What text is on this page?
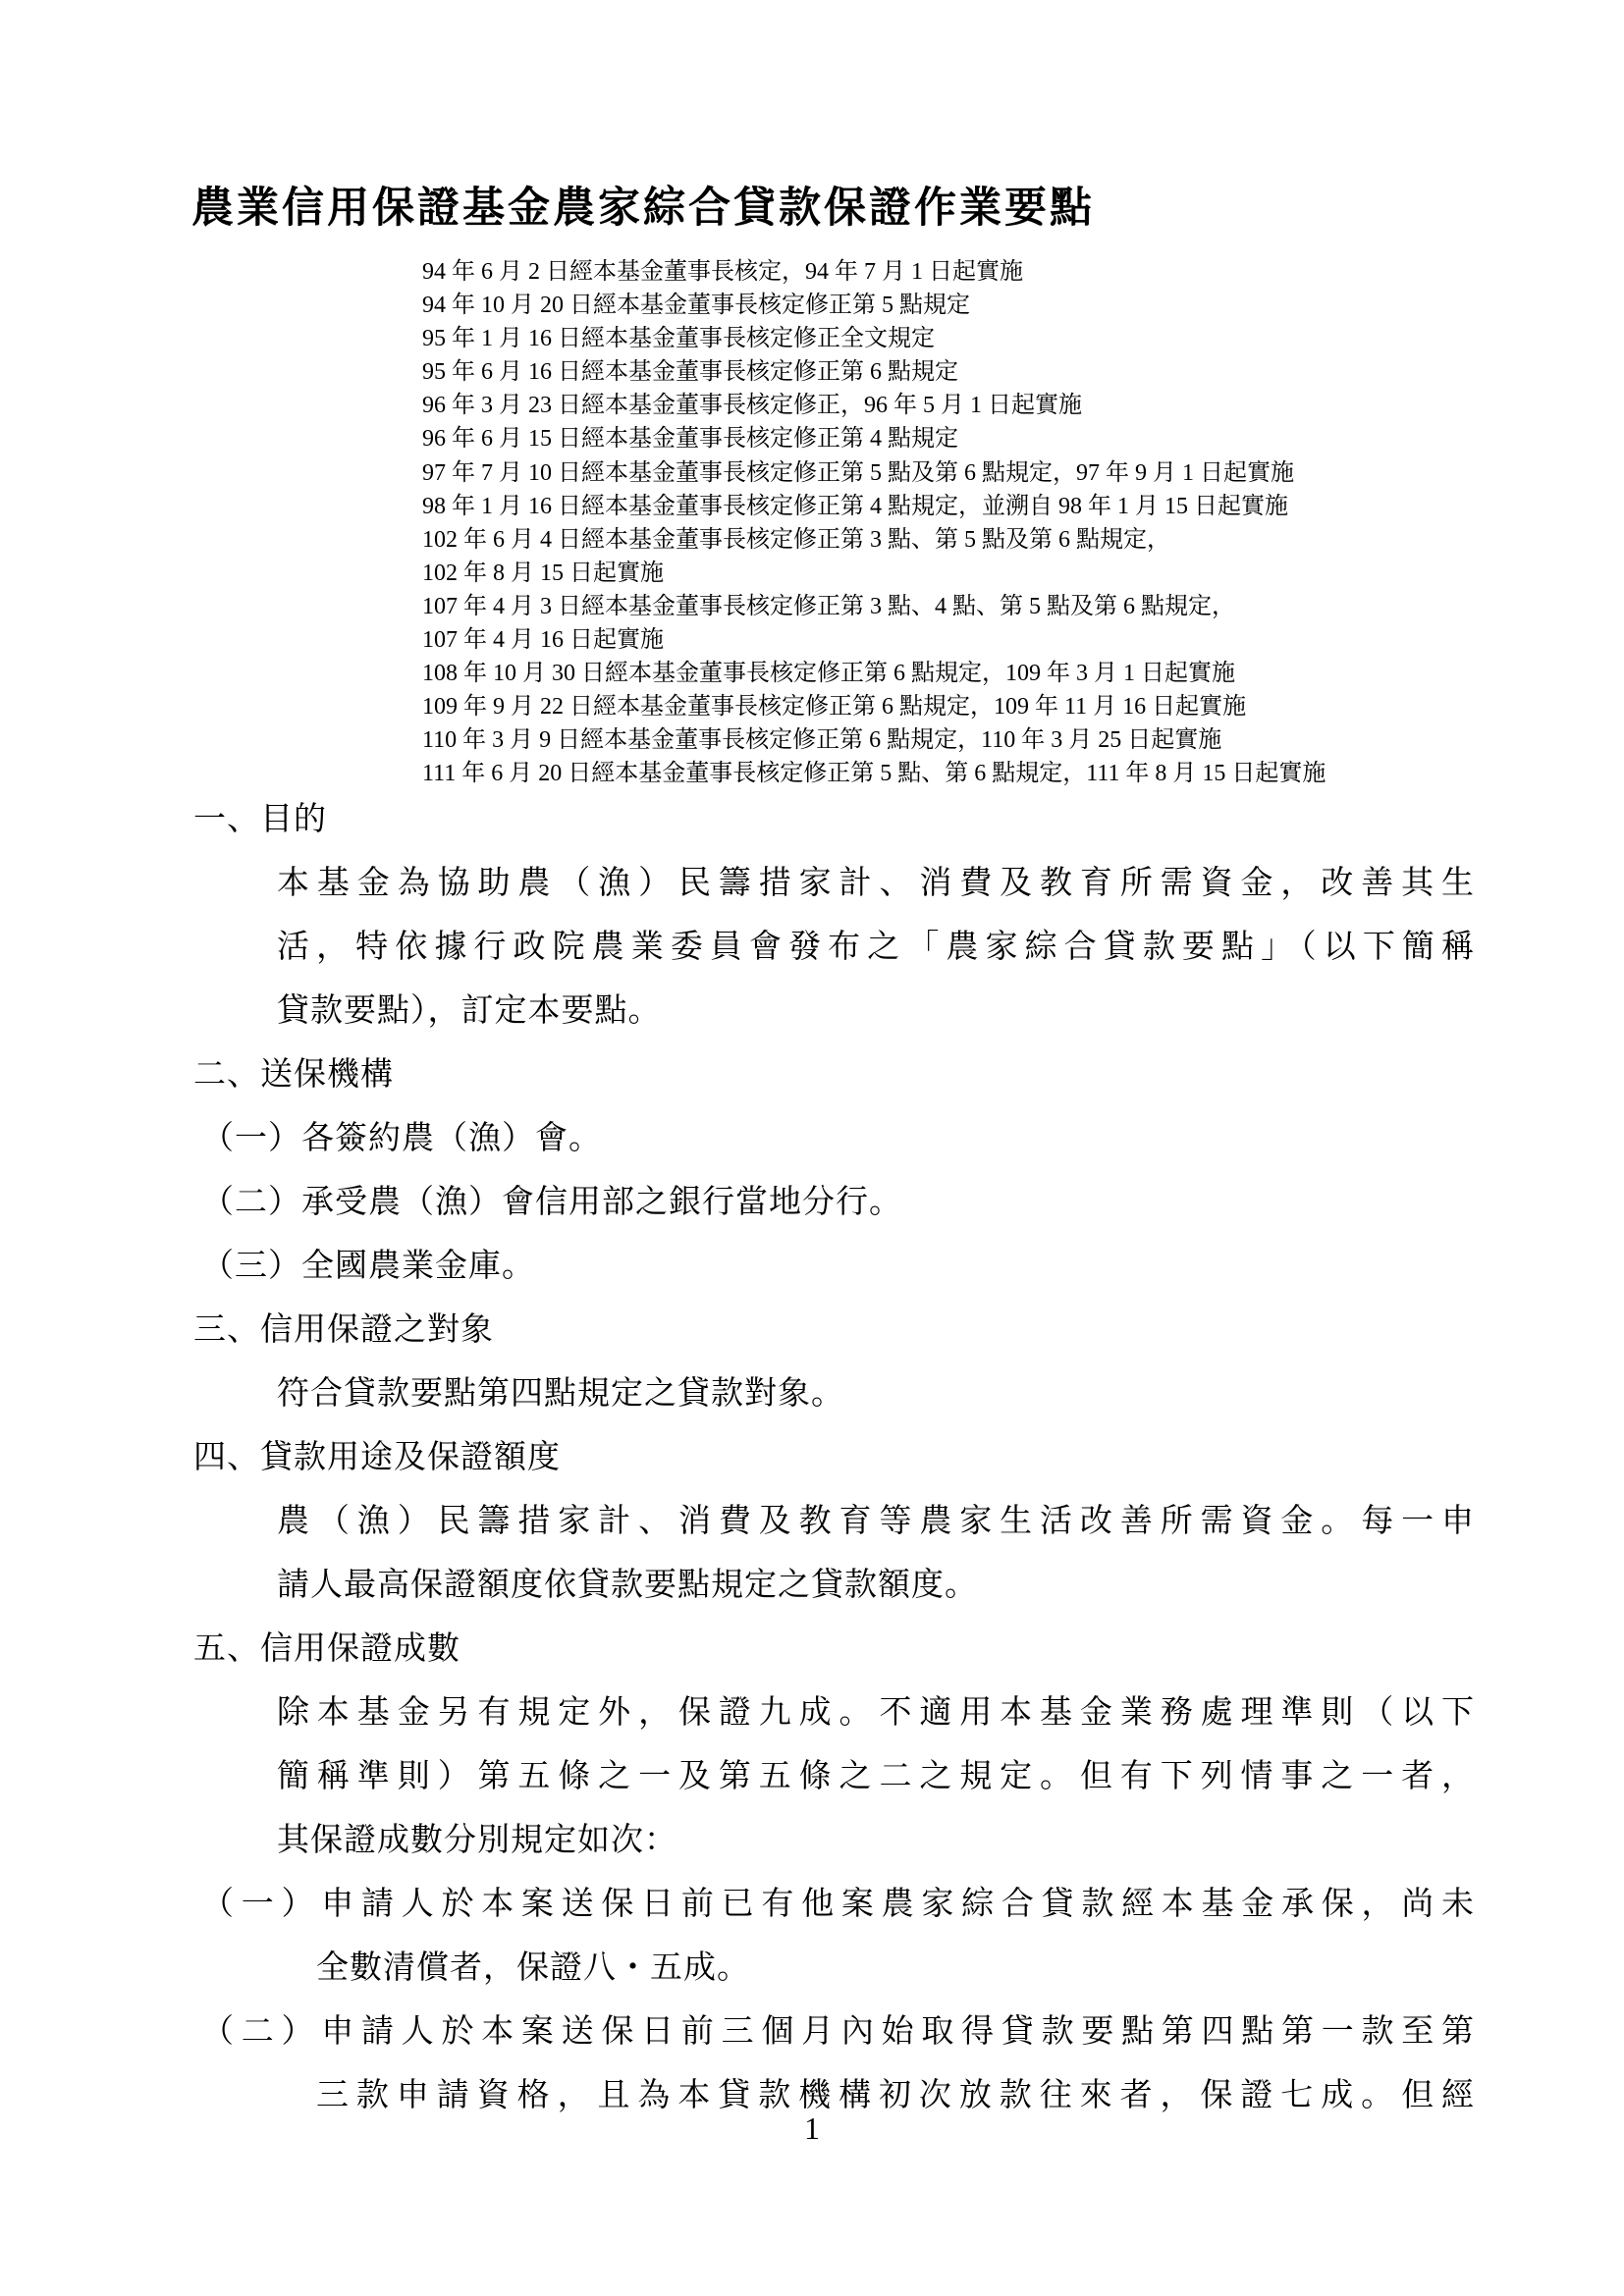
農業信用保證基金農家綜合貸款保證作業要點
94 年 6 月 2 日經本基金董事長核定，94 年 7 月 1 日起實施
94 年 10 月 20 日經本基金董事長核定修正第 5 點規定
95 年 1 月 16 日經本基金董事長核定修正全文規定
95 年 6 月 16 日經本基金董事長核定修正第 6 點規定
96 年 3 月 23 日經本基金董事長核定修正，96 年 5 月 1 日起實施
96 年 6 月 15 日經本基金董事長核定修正第 4 點規定
97 年 7 月 10 日經本基金董事長核定修正第 5 點及第 6 點規定，97 年 9 月 1 日起實施
98 年 1 月 16 日經本基金董事長核定修正第 4 點規定，並溯自 98 年 1 月 15 日起實施
102 年 6 月 4 日經本基金董事長核定修正第 3 點、第 5 點及第 6 點規定，
102 年 8 月 15 日起實施
107 年 4 月 3 日經本基金董事長核定修正第 3 點、4 點、第 5 點及第 6 點規定，
107 年 4 月 16 日起實施
108 年 10 月 30 日經本基金董事長核定修正第 6 點規定，109 年 3 月 1 日起實施
109 年 9 月 22 日經本基金董事長核定修正第 6 點規定，109 年 11 月 16 日起實施
110 年 3 月 9 日經本基金董事長核定修正第 6 點規定，110 年 3 月 25 日起實施
111 年 6 月 20 日經本基金董事長核定修正第 5 點、第 6 點規定，111 年 8 月 15 日起實施
一、目的
本基金為協助農（漁）民籌措家計、消費及教育所需資金，改善其生
活，特依據行政院農業委員會發布之「農家綜合貸款要點」（以下簡稱
貸款要點），訂定本要點。
二、送保機構
（一）各簽約農（漁）會。
（二）承受農（漁）會信用部之銀行當地分行。
（三）全國農業金庫。
三、信用保證之對象
符合貸款要點第四點規定之貸款對象。
四、貸款用途及保證額度
農（漁）民籌措家計、消費及教育等農家生活改善所需資金。每一申
請人最高保證額度依貸款要點規定之貸款額度。
五、信用保證成數
除本基金另有規定外，保證九成。不適用本基金業務處理準則（以下
簡稱準則）第五條之一及第五條之二之規定。但有下列情事之一者，
其保證成數分別規定如次：
（一）申請人於本案送保日前已有他案農家綜合貸款經本基金承保，尚未
全數清償者，保證八・五成。
（二）申請人於本案送保日前三個月內始取得貸款要點第四點第一款至第
三款申請資格，且為本貸款機構初次放款往來者，保證七成。但經
1
